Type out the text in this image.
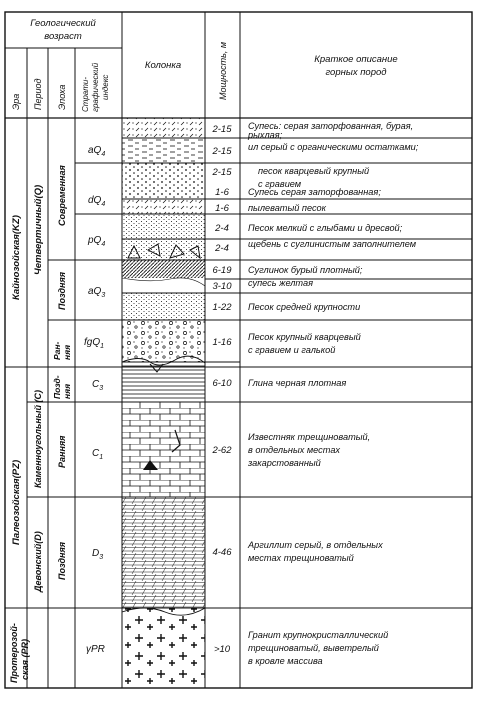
Геологический
возраст
Эра Период Эпоха Страти- графический индекс
Колонка	Мощность, м	Краткое описание
горных пород
Кайнозойская(KZ)
Палеозойская(PZ)
Протерозой- ская (PR)
Четвертичный(Q)
Каменноугольный (C)
Девонский(D)
Современная
Поздняя
Ран- няя
Позд- няя
Ранняя
Поздняя
$aQ_4$
$dQ_4$
$pQ_4$
$aQ_3$
fgQ$_1$
$C_3$
$C_1$
$D_3$
γPR
2-15
2-15
2-15
1-6
1-6
2-4
2-4
6-19
3-10
1-22
1-16
6-10
2-62
4-46
>10
Супесь: серая заторфованная, бурая,
рыхлая;
ил серый с органическими остатками;
песок кварцевый крупный
с гравием
Супесь серая заторфованная;
пылеватый песок
Песок мелкий с глыбами и дресвой;
щебень с суглинистым заполнителем
Суглинок бурый плотный;
супесь желтая
Песок средней крупности
Песок крупный кварцевый
с гравием и галькой
Глина черная плотная
Известняк трещиноватый,
в отдельных местах
закарстованный
Аргиллит серый, в отдельных
местах трещиноватый
Гранит крупнокристаллический
трещиноватый, выветрелый
в кровле массива
